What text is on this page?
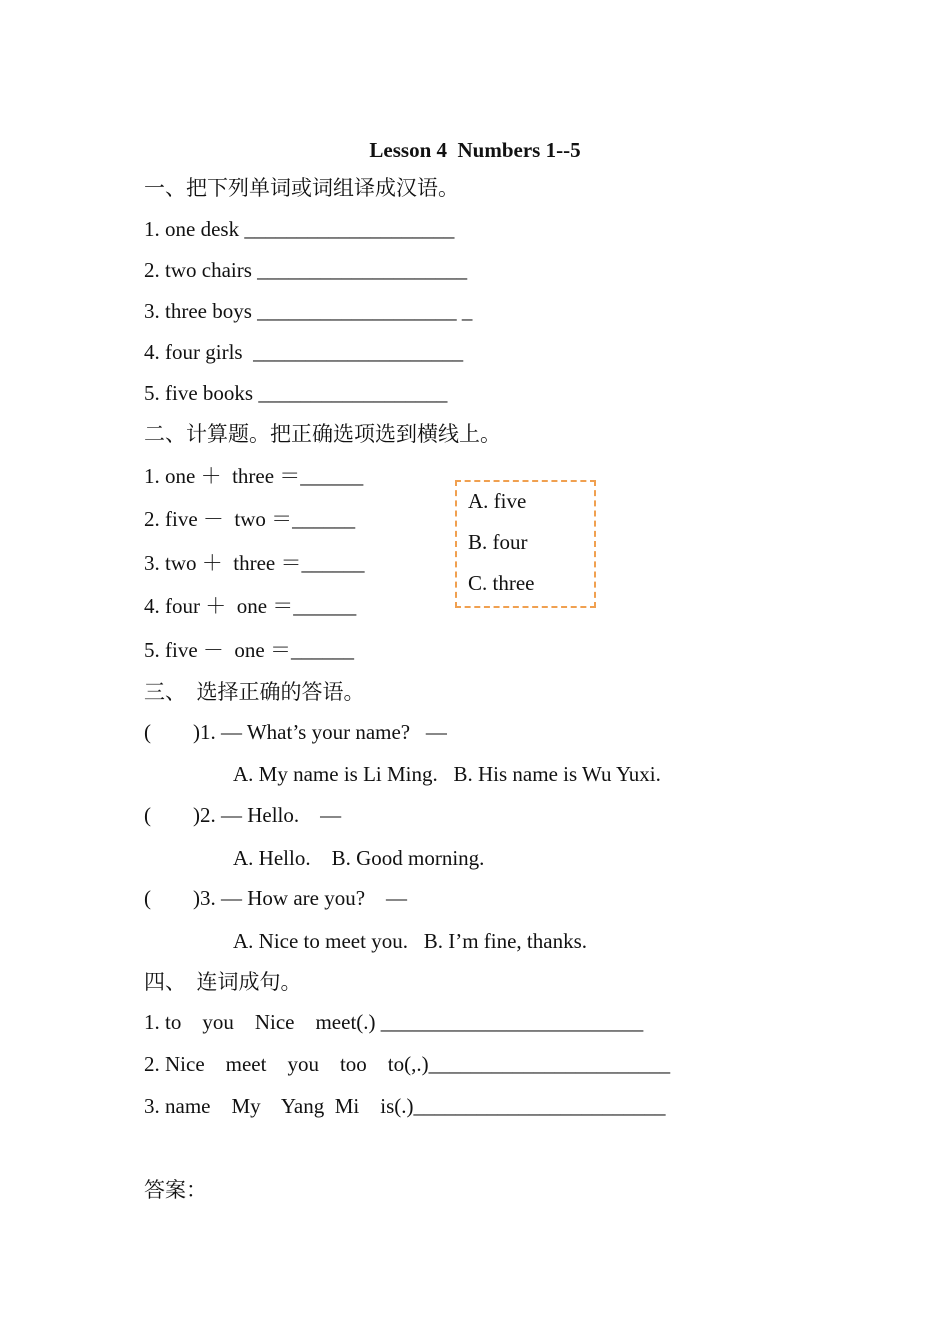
Lesson 4  Numbers 1--5
一、把下列单词或词组译成汉语。
1. one desk ____________________
2. two chairs ____________________
3. three boys ___________________ _
4. four girls  ____________________
5. five books __________________
二、计算题。把正确选项选到横线上。
1. one ＋  three ＝______
2. five －  two ＝______
3. two ＋  three ＝______
4. four ＋  one ＝______
5. five －  one ＝______
A. five
B. four
C. three
三、  选择正确的答语。
(        )1. — What’s your name?   —
A. My name is Li Ming.   B. His name is Wu Yuxi.
(        )2. — Hello.    —
A. Hello.    B. Good morning.
(        )3. — How are you?    —
A. Nice to meet you.   B. I’m fine, thanks.
四、  连词成句。
1. to    you    Nice    meet(.) _________________________
2. Nice    meet    you    too    to(,.)_______________________
3. name    My    Yang  Mi    is(.)________________________
答案：
